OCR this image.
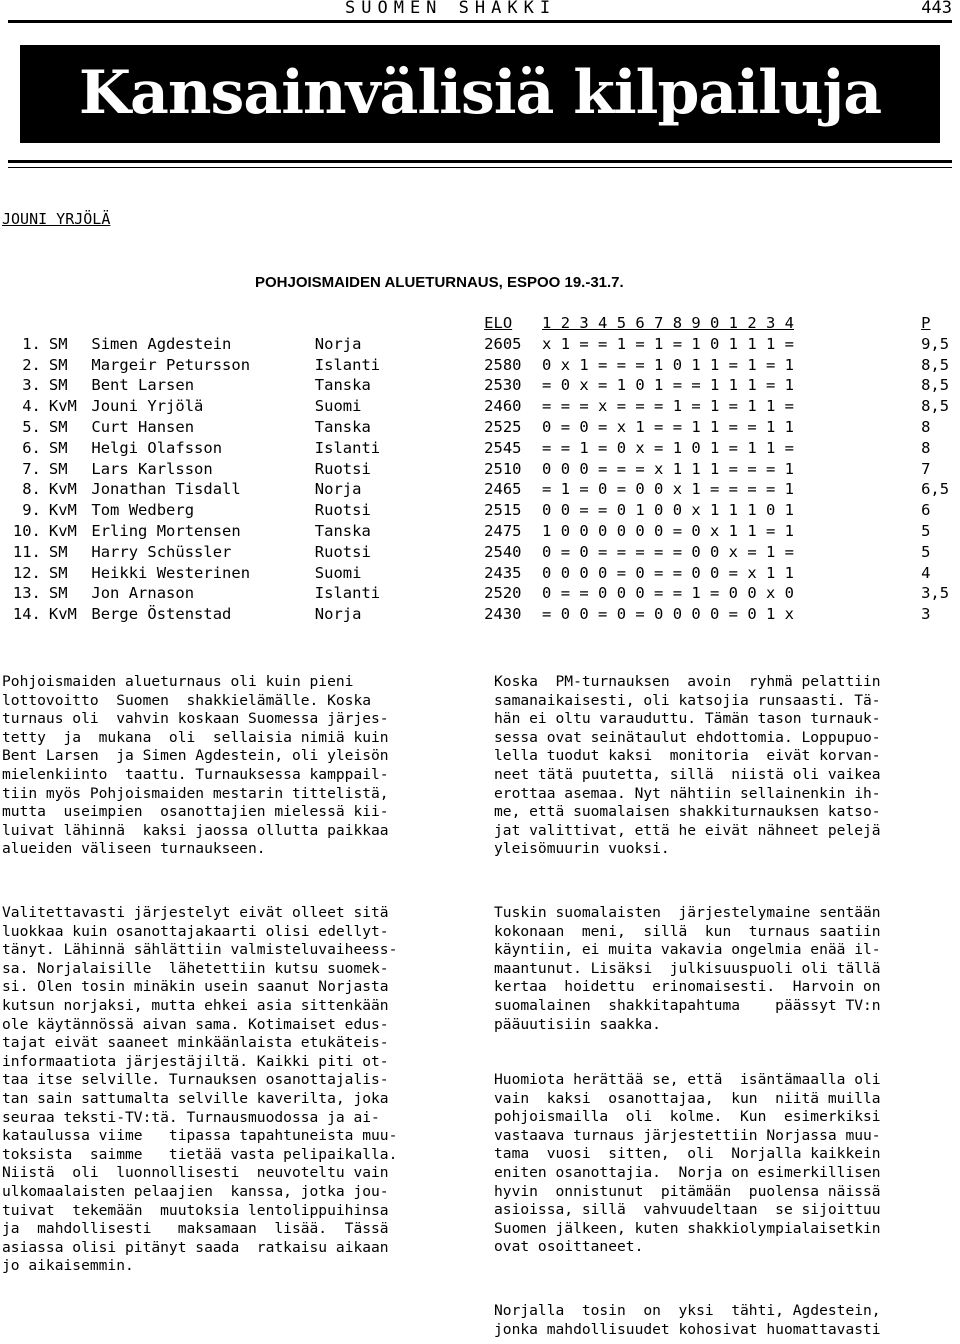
SUOMEN SHAKKI	443
Kansainvälisiä kilpailuja
JOUNI YRJÖLÄ
POHJOISMAIDEN ALUETURNAUS, ESPOO 19.-31.7.
				ELO	1 2 3 4 5 6 7 8 9 0 1 2 3 4	P
1.	SM	Simen Agdestein	Norja	2605	x 1 = = 1 = 1 = 1 0 1 1 1 =	9,5
2.	SM	Margeir Petursson	Islanti	2580	0 x 1 = = = 1 0 1 1 = 1 = 1	8,5
3.	SM	Bent Larsen	Tanska	2530	= 0 x = 1 0 1 = = 1 1 1 = 1	8,5
4.	KvM	Jouni Yrjölä	Suomi	2460	= = = x = = = 1 = 1 = 1 1 =	8,5
5.	SM	Curt Hansen	Tanska	2525	0 = 0 = x 1 = = 1 1 = = 1 1	8
6.	SM	Helgi Olafsson	Islanti	2545	= = 1 = 0 x = 1 0 1 = 1 1 =	8
7.	SM	Lars Karlsson	Ruotsi	2510	0 0 0 = = = x 1 1 1 = = = 1	7
8.	KvM	Jonathan Tisdall	Norja	2465	= 1 = 0 = 0 0 x 1 = = = = 1	6,5
9.	KvM	Tom Wedberg	Ruotsi	2515	0 0 = = 0 1 0 0 x 1 1 1 0 1	6
10.	KvM	Erling Mortensen	Tanska	2475	1 0 0 0 0 0 0 = 0 x 1 1 = 1	5
11.	SM	Harry Schüssler	Ruotsi	2540	0 = 0 = = = = = 0 0 x = 1 =	5
12.	SM	Heikki Westerinen	Suomi	2435	0 0 0 0 = 0 = = 0 0 = x 1 1	4
13.	SM	Jon Arnason	Islanti	2520	0 = = 0 0 0 = = 1 = 0 0 x 0	3,5
14.	KvM	Berge Östenstad	Norja	2430	= 0 0 = 0 = 0 0 0 0 = 0 1 x	3
Pohjoismaiden alueturnaus oli kuin pieni
lottovoitto  Suomen  shakkielämälle. Koska
turnaus oli  vahvin koskaan Suomessa järjes-
tetty  ja  mukana  oli  sellaisia nimiä kuin
Bent Larsen  ja Simen Agdestein, oli yleisön
mielenkiinto  taattu. Turnauksessa kamppail-
tiin myös Pohjoismaiden mestarin tittelistä,
mutta  useimpien  osanottajien mielessä kii-
luivat lähinnä  kaksi jaossa ollutta paikkaa
alueiden väliseen turnaukseen.
Valitettavasti järjestelyt eivät olleet sitä
luokkaa kuin osanottajakaarti olisi edellyt-
tänyt. Lähinnä sählättiin valmisteluvaiheess-
sa. Norjalaisille  lähetettiin kutsu suomek-
si. Olen tosin minäkin usein saanut Norjasta
kutsun norjaksi, mutta ehkei asia sittenkään
ole käytännössä aivan sama. Kotimaiset edus-
tajat eivät saaneet minkäänlaista etukäteis-
informaatiota järjestäjiltä. Kaikki piti ot-
taa itse selville. Turnauksen osanottajalis-
tan sain sattumalta selville kaverilta, joka
seuraa teksti-TV:tä. Turnausmuodossa ja ai-
kataulussa viime   tipassa tapahtuneista muu-
toksista  saimme   tietää vasta pelipaikalla.
Niistä  oli  luonnollisesti  neuvoteltu vain
ulkomaalaisten pelaajien  kanssa, jotka jou-
tuivat  tekemään  muutoksia lentolippuihinsa
ja  mahdollisesti   maksamaan  lisää.  Tässä
asiassa olisi pitänyt saada  ratkaisu aikaan
jo aikaisemmin.
Koska  PM-turnauksen  avoin  ryhmä pelattiin
samanaikaisesti, oli katsojia runsaasti. Tä-
hän ei oltu varauduttu. Tämän tason turnauk-
sessa ovat seinätaulut ehdottomia. Loppupuo-
lella tuodut kaksi  monitoria  eivät korvan-
neet tätä puutetta, sillä  niistä oli vaikea
erottaa asemaa. Nyt nähtiin sellainenkin ih-
me, että suomalaisen shakkiturnauksen katso-
jat valittivat, että he eivät nähneet pelejä
yleisömuurin vuoksi.
Tuskin suomalaisten  järjestelymaine sentään
kokonaan  meni,  sillä  kun  turnaus saatiin
käyntiin, ei muita vakavia ongelmia enää il-
maantunut. Lisäksi  julkisuuspuoli oli tällä
kertaa  hoidettu  erinomaisesti.  Harvoin on
suomalainen  shakkitapahtuma    päässyt TV:n
pääuutisiin saakka.
Huomiota herättää se, että  isäntämaalla oli
vain  kaksi  osanottajaa,  kun  niitä muilla
pohjoismailla  oli  kolme.  Kun  esimerkiksi
vastaava turnaus järjestettiin Norjassa muu-
tama  vuosi  sitten,  oli  Norjalla kaikkein
eniten osanottajia.  Norja on esimerkillisen
hyvin  onnistunut  pitämään  puolensa näissä
asioissa, sillä  vahvuudeltaan  se sijoittuu
Suomen jälkeen, kuten shakkiolympialaisetkin
ovat osoittaneet.
Norjalla  tosin  on  yksi  tähti, Agdestein,
jonka mahdollisuudet kohosivat huomattavasti
